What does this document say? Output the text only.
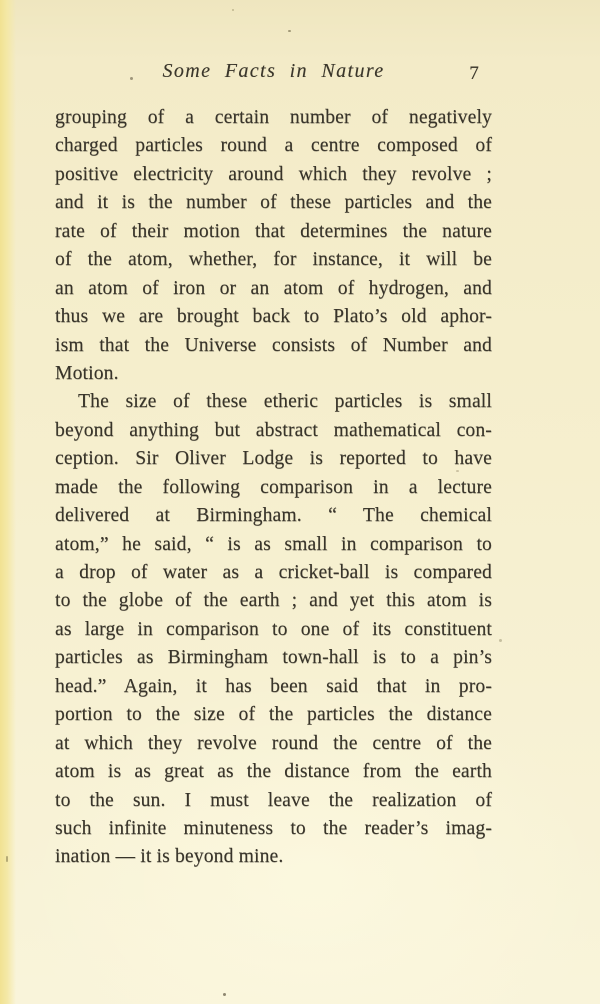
Some Facts in Nature	7
grouping of a certain number of negatively
charged particles round a centre composed of
positive electricity around which they revolve ;
and it is the number of these particles and the
rate of their motion that determines the nature
of the atom, whether, for instance, it will be
an atom of iron or an atom of hydrogen, and
thus we are brought back to Plato’s old aphor-
ism that the Universe consists of Number and
Motion.
The size of these etheric particles is small
beyond anything but abstract mathematical con-
ception. Sir Oliver Lodge is reported to have
made the following comparison in a lecture
delivered at Birmingham. “ The chemical
atom,” he said, “ is as small in comparison to
a drop of water as a cricket-ball is compared
to the globe of the earth ; and yet this atom is
as large in comparison to one of its constituent
particles as Birmingham town-hall is to a pin’s
head.” Again, it has been said that in pro-
portion to the size of the particles the distance
at which they revolve round the centre of the
atom is as great as the distance from the earth
to the sun. I must leave the realization of
such infinite minuteness to the reader’s imag-
ination — it is beyond mine.
